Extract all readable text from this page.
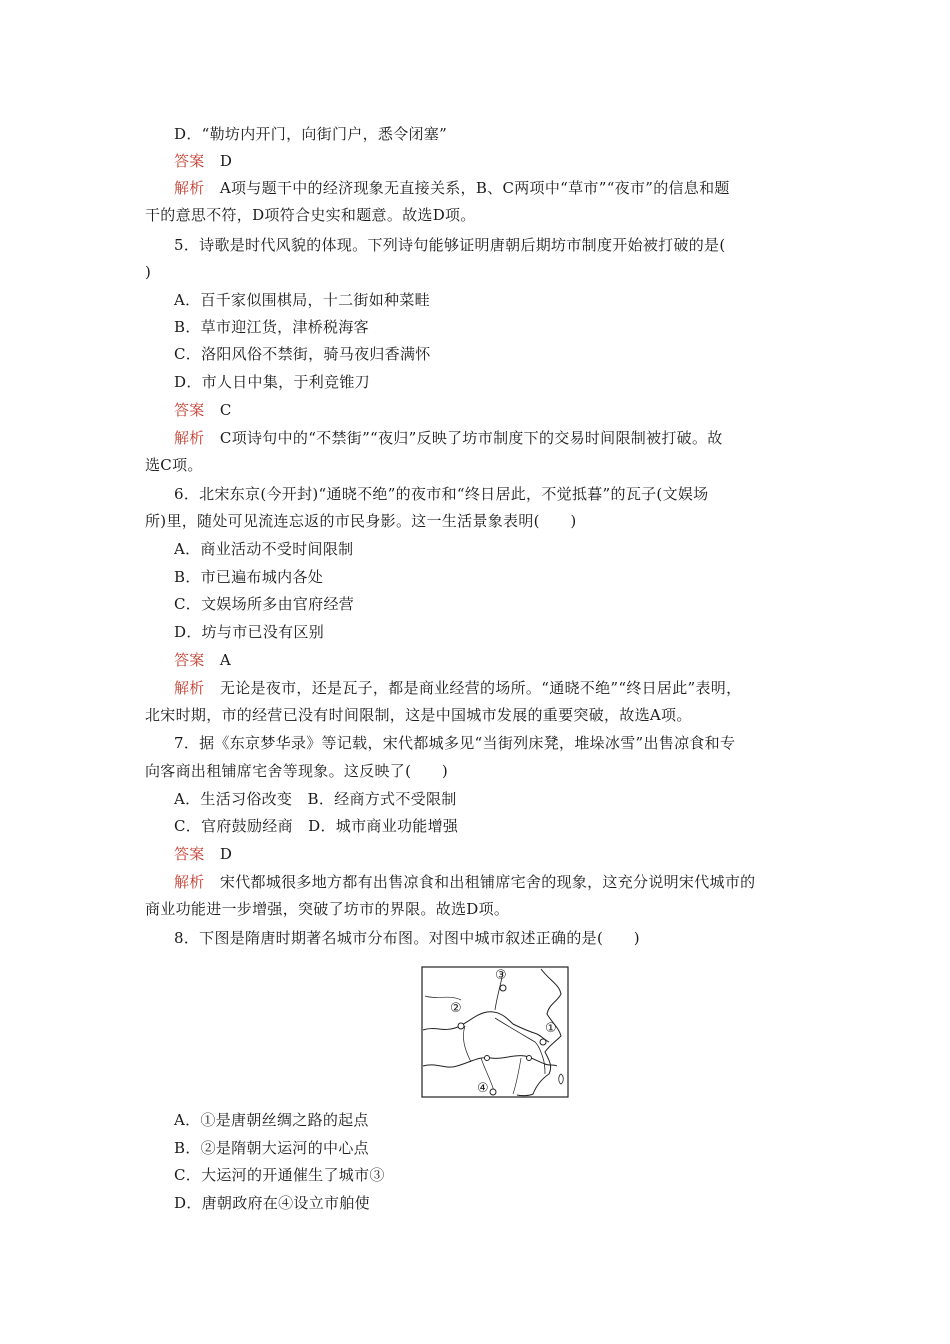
D．“勒坊内开门，向街门户，悉令闭塞”
答案　 D
解析　 A项与题干中的经济现象无直接关系，B、C两项中“草市”“夜市”的信息和题
干的意思不符，D项符合史实和题意。故选D项。
5．诗歌是时代风貌的体现。下列诗句能够证明唐朝后期坊市制度开始被打破的是(
)
A．百千家似围棋局，十二街如种菜畦
B．草市迎江货，津桥税海客
C．洛阳风俗不禁街，骑马夜归香满怀
D．市人日中集，于利竞锥刀
答案　 C
解析　 C项诗句中的“不禁街”“夜归”反映了坊市制度下的交易时间限制被打破。故
选C项。
6．北宋东京(今开封)“通晓不绝”的夜市和“终日居此，不觉抵暮”的瓦子(文娱场
所)里，随处可见流连忘返的市民身影。这一生活景象表明(　　)
A．商业活动不受时间限制
B．市已遍布城内各处
C．文娱场所多由官府经营
D．坊与市已没有区别
答案　 A
解析　 无论是夜市，还是瓦子，都是商业经营的场所。“通晓不绝”“终日居此”表明，
北宋时期，市的经营已没有时间限制，这是中国城市发展的重要突破，故选A项。
7．据《东京梦华录》等记载，宋代都城多见“当街列床凳，堆垛冰雪”出售凉食和专
向客商出租铺席宅舍等现象。这反映了(　　)
A．生活习俗改变　B．经商方式不受限制
C．官府鼓励经商　D．城市商业功能增强
答案　 D
解析　 宋代都城很多地方都有出售凉食和出租铺席宅舍的现象，这充分说明宋代城市的
商业功能进一步增强，突破了坊市的界限。故选D项。
8．下图是隋唐时期著名城市分布图。对图中城市叙述正确的是(　　)
①
②
③
④
A．①是唐朝丝绸之路的起点
B．②是隋朝大运河的中心点
C．大运河的开通催生了城市③
D．唐朝政府在④设立市舶使
